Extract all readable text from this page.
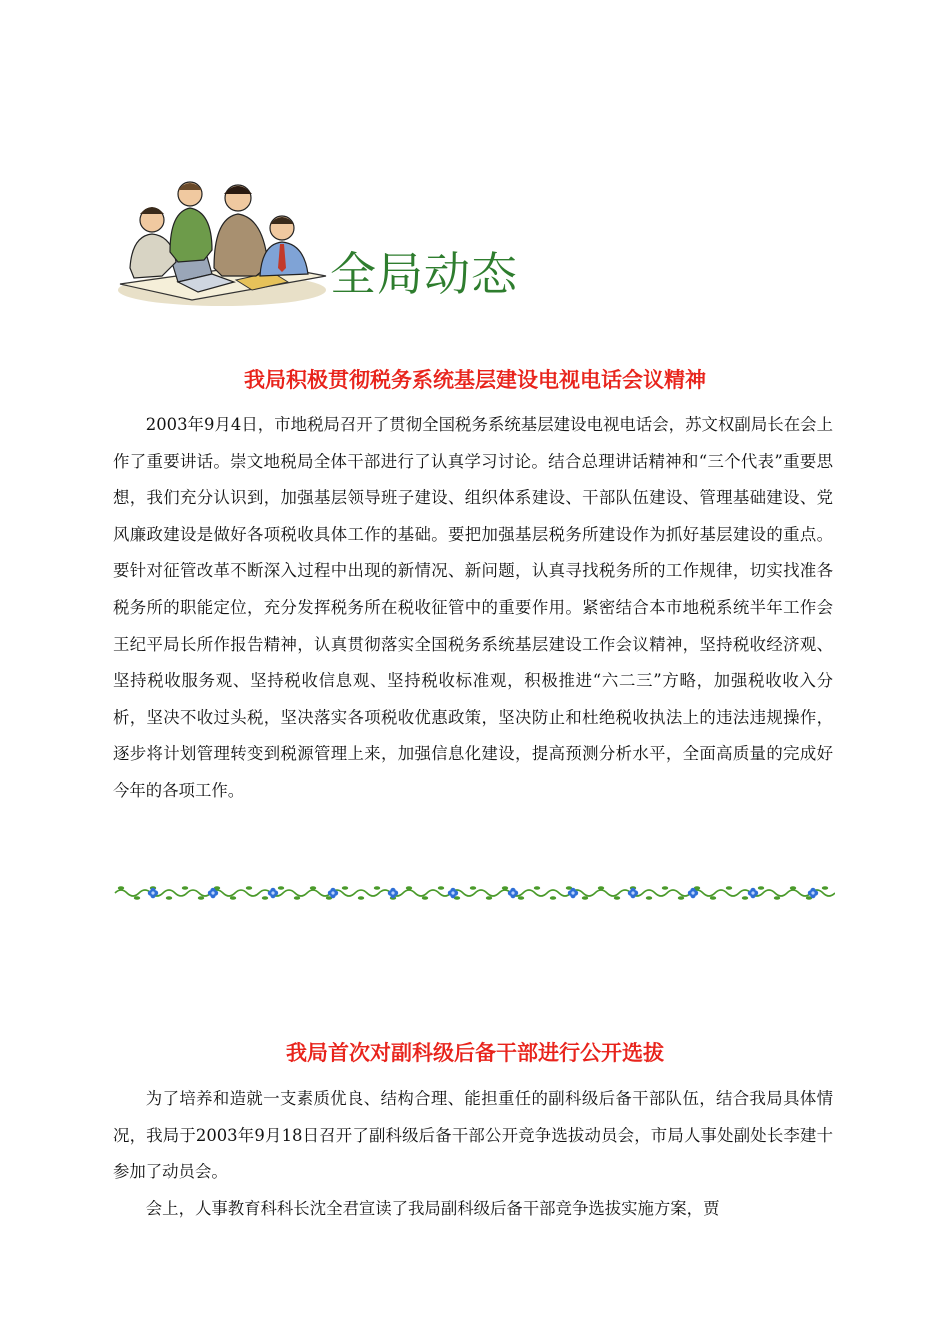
全局动态
我局积极贯彻税务系统基层建设电视电话会议精神

2003年9月4日，市地税局召开了贯彻全国税务系统基层建设电视电话会，苏文权副局长在会上作了重要讲话。崇文地税局全体干部进行了认真学习讨论。结合总理讲话精神和“三个代表”重要思想，我们充分认识到，加强基层领导班子建设、组织体系建设、干部队伍建设、管理基础建设、党风廉政建设是做好各项税收具体工作的基础。要把加强基层税务所建设作为抓好基层建设的重点。要针对征管改革不断深入过程中出现的新情况、新问题，认真寻找税务所的工作规律，切实找准各税务所的职能定位，充分发挥税务所在税收征管中的重要作用。紧密结合本市地税系统半年工作会王纪平局长所作报告精神，认真贯彻落实全国税务系统基层建设工作会议精神，坚持税收经济观、坚持税收服务观、坚持税收信息观、坚持税收标准观，积极推进“六二三”方略，加强税收收入分析，坚决不收过头税，坚决落实各项税收优惠政策，坚决防止和杜绝税收执法上的违法违规操作，逐步将计划管理转变到税源管理上来，加强信息化建设，提高预测分析水平，全面高质量的完成好今年的各项工作。

我局首次对副科级后备干部进行公开选拔

为了培养和造就一支素质优良、结构合理、能担重任的副科级后备干部队伍，结合我局具体情况，我局于2003年9月18日召开了副科级后备干部公开竞争选拔动员会，市局人事处副处长李建十参加了动员会。

会上，人事教育科科长沈全君宣读了我局副科级后备干部竞争选拔实施方案，贾
